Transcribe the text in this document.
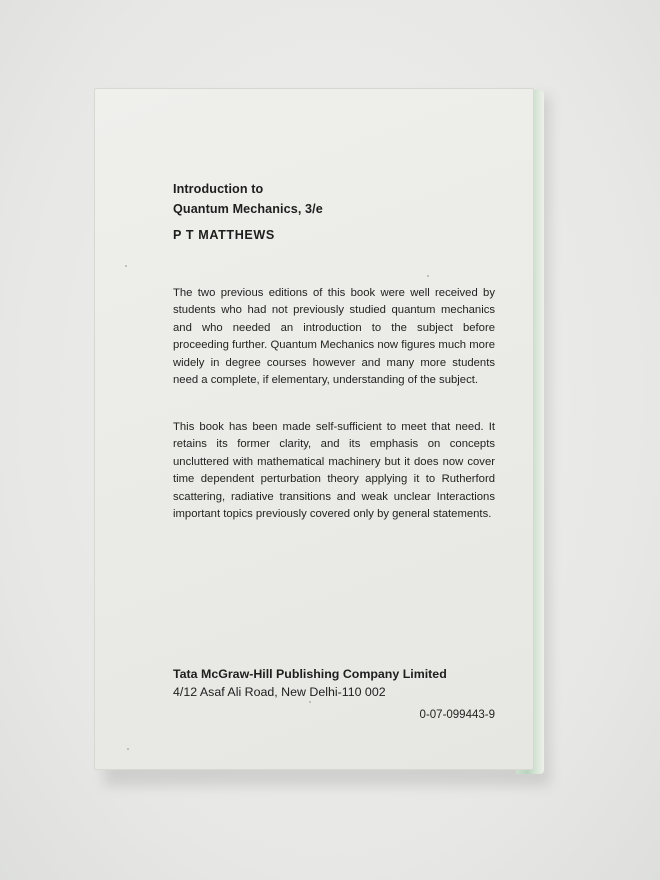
Introduction to
Quantum Mechanics, 3/e
P T MATTHEWS
The two previous editions of this book were well received by students who had not previously studied quantum mechanics and who needed an introduction to the subject before proceeding further. Quantum Mechanics now figures much more widely in degree courses however and many more students need a complete, if elementary, understanding of the subject.
This book has been made self-sufficient to meet that need. It retains its former clarity, and its emphasis on concepts uncluttered with mathematical machinery but it does now cover time dependent perturbation theory applying it to Rutherford scattering, radiative transitions and weak unclear Interactions important topics previously covered only by general statements.
Tata McGraw-Hill Publishing Company Limited
4/12 Asaf Ali Road, New Delhi-110 002
0-07-099443-9
